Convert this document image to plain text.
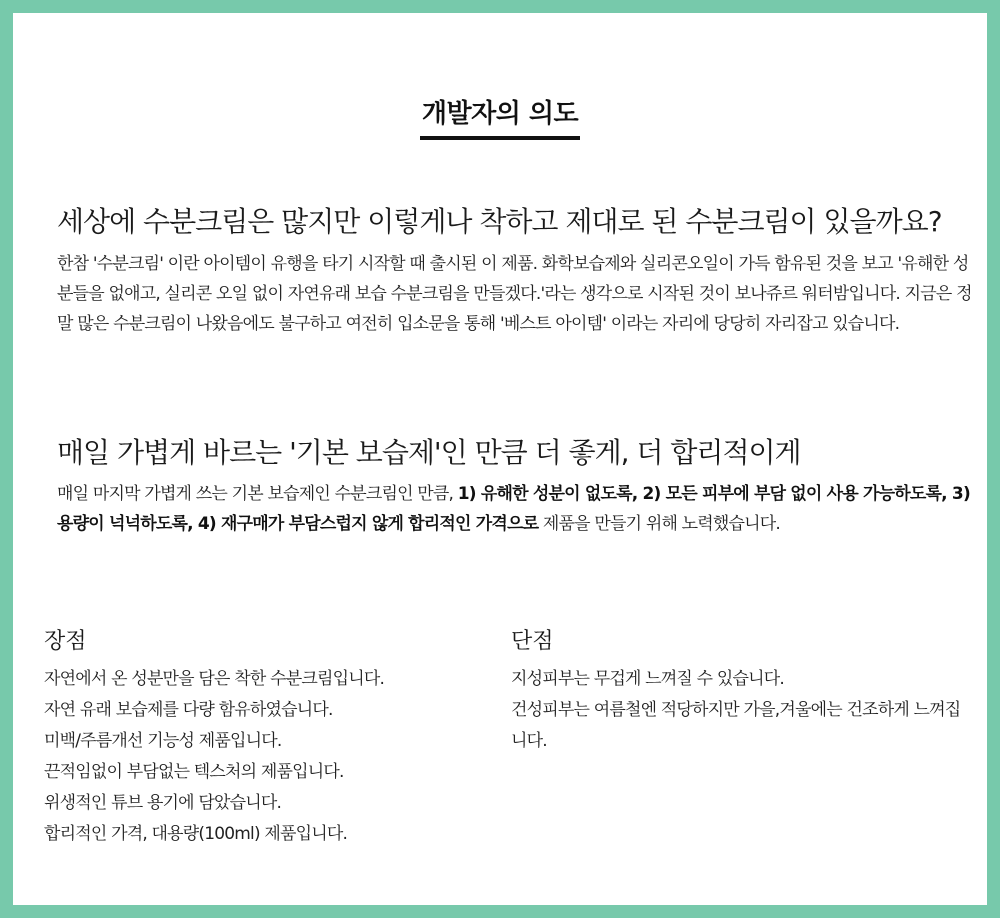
개발자의 의도
세상에 수분크림은 많지만 이렇게나 착하고 제대로 된 수분크림이 있을까요?

한참 '수분크림' 이란 아이템이 유행을 타기 시작할 때 출시된 이 제품. 화학보습제와 실리콘오일이 가득 함유된 것을 보고 '유해한 성분들을 없애고, 실리콘 오일 없이 자연유래 보습 수분크림을 만들겠다.'라는 생각으로 시작된 것이 보나쥬르 워터밤입니다. 지금은 정말 많은 수분크림이 나왔음에도 불구하고 여전히 입소문을 통해 '베스트 아이템' 이라는 자리에 당당히 자리잡고 있습니다.

매일 가볍게 바르는 '기본 보습제'인 만큼 더 좋게, 더 합리적이게

매일 마지막 가볍게 쓰는 기본 보습제인 수분크림인 만큼, 1) 유해한 성분이 없도록, 2) 모든 피부에 부담 없이 사용 가능하도록, 3) 용량이 넉넉하도록, 4) 재구매가 부담스럽지 않게 합리적인 가격으로 제품을 만들기 위해 노력했습니다.

장점
자연에서 온 성분만을 담은 착한 수분크림입니다.
자연 유래 보습제를 다량 함유하였습니다.
미백/주름개선 기능성 제품입니다.
끈적임없이 부담없는 텍스처의 제품입니다.
위생적인 튜브 용기에 담았습니다.
합리적인 가격, 대용량(100ml) 제품입니다.
단점
지성피부는 무겁게 느껴질 수 있습니다.
건성피부는 여름철엔 적당하지만 가을,겨울에는 건조하게 느껴집니다.
